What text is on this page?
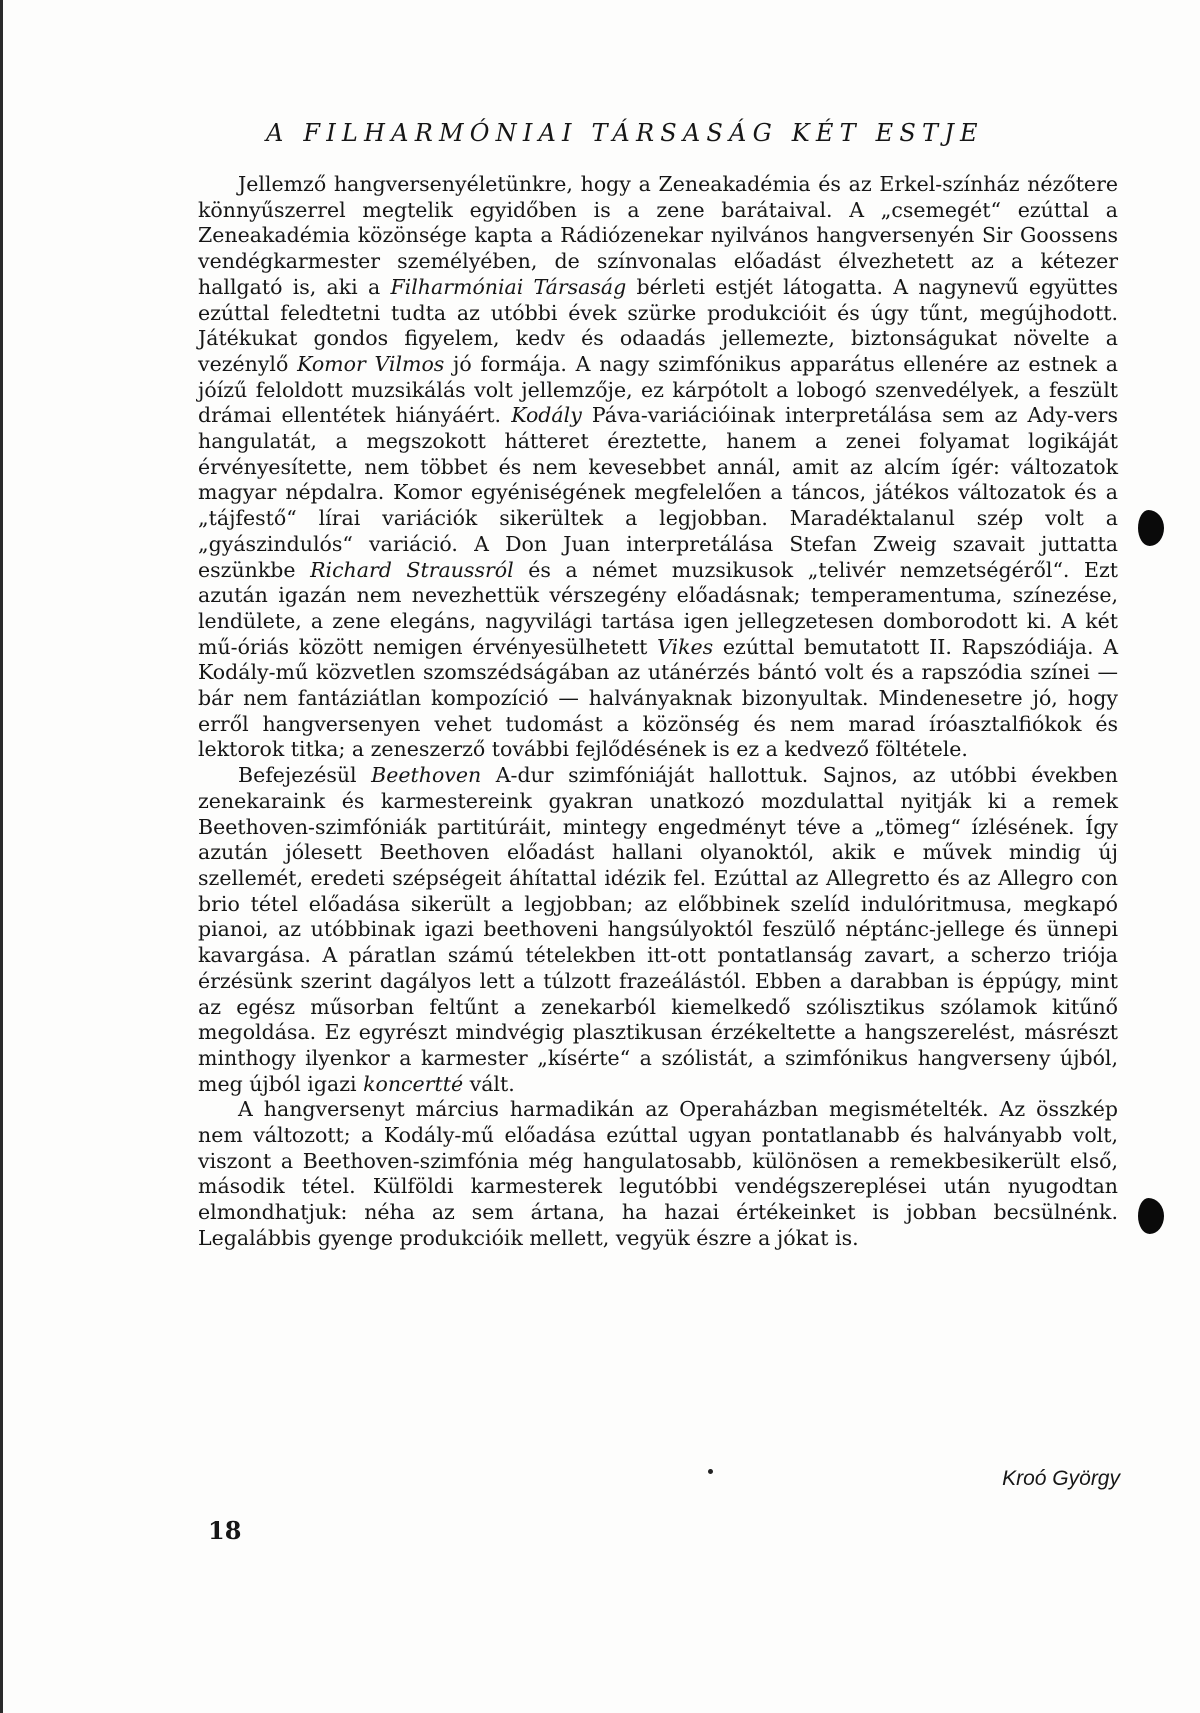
A FILHARMÓNIAI TÁRSASÁG KÉT ESTJE

Jellemző hangversenyéletünkre, hogy a Zeneakadémia és az Erkel-színház nézőtere könnyűszerrel megtelik egyidőben is a zene barátaival. A „csemegét“ ezúttal a Zeneakadémia közönsége kapta a Rádiózenekar nyilvános hangversenyén Sir Goossens vendégkarmester személyében, de színvonalas előadást élvezhetett az a kétezer hallgató is, aki a Filharmóniai Társaság bérleti estjét látogatta. A nagynevű együttes ezúttal feledtetni tudta az utóbbi évek szürke produkcióit és úgy tűnt, megújhodott. Játékukat gondos figyelem, kedv és odaadás jellemezte, biztonságukat növelte a vezénylő Komor Vilmos jó formája. A nagy szimfónikus apparátus ellenére az estnek a jóízű feloldott muzsikálás volt jellemzője, ez kárpótolt a lobogó szenvedélyek, a feszült drámai ellentétek hiányáért. Kodály Páva-variációinak interpretálása sem az Ady-vers hangulatát, a megszokott hátteret éreztette, hanem a zenei folyamat logikáját érvényesítette, nem többet és nem kevesebbet annál, amit az alcím ígér: változatok magyar népdalra. Komor egyéniségének megfelelően a táncos, játékos változatok és a „tájfestő“ lírai variációk sikerültek a legjobban. Maradéktalanul szép volt a „gyászindulós“ variáció. A Don Juan interpretálása Stefan Zweig szavait juttatta eszünkbe Richard Straussról és a német muzsikusok „telivér nemzetségéről“. Ezt azután igazán nem nevezhettük vérszegény előadásnak; temperamentuma, színezése, lendülete, a zene elegáns, nagyvilági tartása igen jellegzetesen domborodott ki. A két mű-óriás között nemigen érvényesülhetett Vikes ezúttal bemutatott II. Rapszódiája. A Kodály-mű közvetlen szomszédságában az utánérzés bántó volt és a rapszódia színei — bár nem fantáziátlan kompozíció — halványaknak bizonyultak. Mindenesetre jó, hogy erről hangversenyen vehet tudomást a közönség és nem marad íróasztalfiókok és lektorok titka; a zeneszerző további fejlődésének is ez a kedvező föltétele.

Befejezésül Beethoven A-dur szimfóniáját hallottuk. Sajnos, az utóbbi években zenekaraink és karmestereink gyakran unatkozó mozdulattal nyitják ki a remek Beethoven-szimfóniák partitúráit, mintegy engedményt téve a „tömeg“ ízlésének. Így azután jólesett Beethoven előadást hallani olyanoktól, akik e művek mindig új szellemét, eredeti szépségeit áhítattal idézik fel. Ezúttal az Allegretto és az Allegro con brio tétel előadása sikerült a legjobban; az előbbinek szelíd indulóritmusa, megkapó pianoi, az utóbbinak igazi beethoveni hangsúlyoktól feszülő néptánc-jellege és ünnepi kavargása. A páratlan számú tételekben itt-ott pontatlanság zavart, a scherzo triója érzésünk szerint dagályos lett a túlzott frazeálástól. Ebben a darabban is éppúgy, mint az egész műsorban feltűnt a zenekarból kiemelkedő szólisztikus szólamok kitűnő megoldása. Ez egyrészt mindvégig plasztikusan érzékeltette a hangszerelést, másrészt minthogy ilyenkor a karmester „kísérte“ a szólistát, a szimfónikus hangverseny újból, meg újból igazi koncertté vált.

A hangversenyt március harmadikán az Operaházban megismételték. Az összkép nem változott; a Kodály-mű előadása ezúttal ugyan pontatlanabb és halványabb volt, viszont a Beethoven-szimfónia még hangulatosabb, különösen a remekbesikerült első, második tétel. Külföldi karmesterek legutóbbi vendégszereplései után nyugodtan elmondhatjuk: néha az sem ártana, ha hazai értékeinket is jobban becsülnénk. Legalábbis gyenge produkcióik mellett, vegyük észre a jókat is.

Kroó György
18
